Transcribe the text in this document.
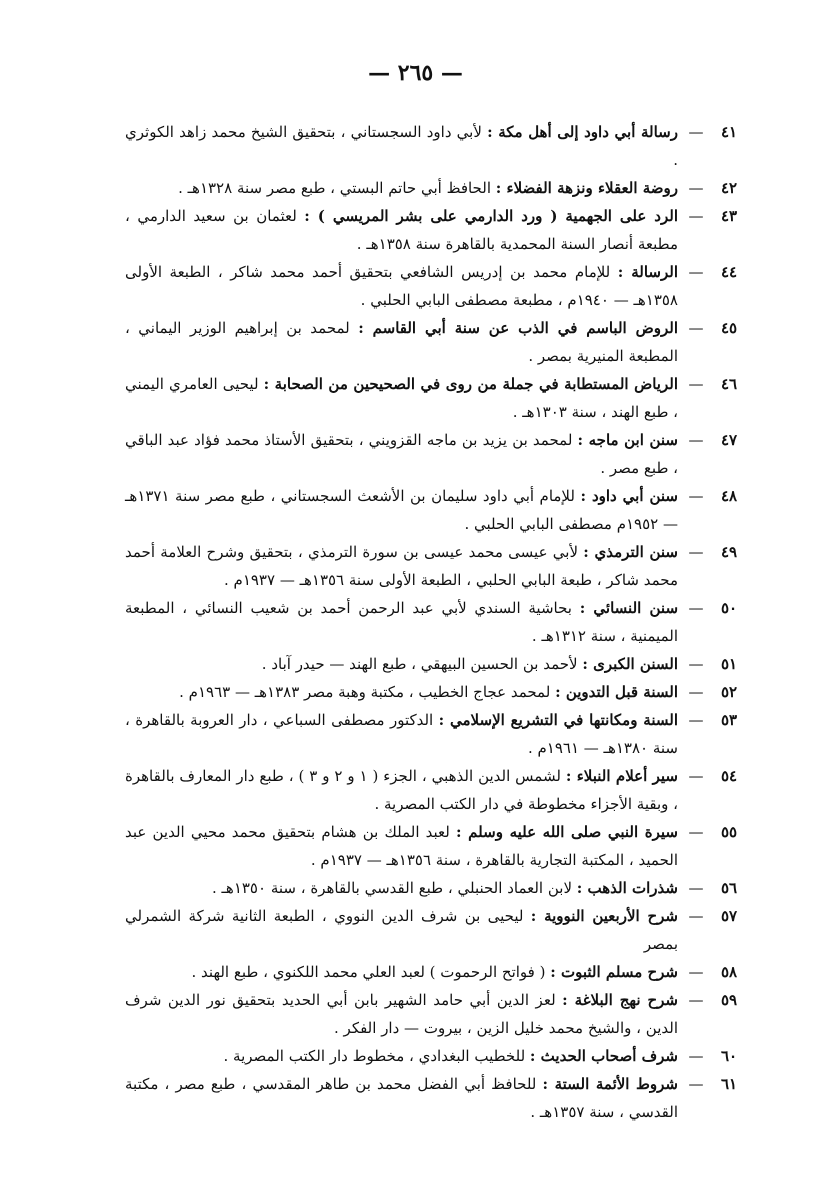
— ٢٦٥ —
٤١
—
رسالة أبي داود إلى أهل مكة : لأبي داود السجستاني ، بتحقيق الشيخ محمد زاهد الكوثري .
٤٢
—
روضة العقلاء ونزهة الفضلاء : الحافظ أبي حاتم البستي ، طبع مصر سنة ١٣٢٨هـ .
٤٣
—
الرد على الجهمية ( ورد الدارمي على بشر المريسي ) : لعثمان بن سعيد الدارمي ، مطبعة أنصار السنة المحمدية بالقاهرة سنة ١٣٥٨هـ .
٤٤
—
الرسالة : للإمام محمد بن إدريس الشافعي بتحقيق أحمد محمد شاكر ، الطبعة الأولى ١٣٥٨هـ — ١٩٤٠م ، مطبعة مصطفى البابي الحلبي .
٤٥
—
الروض الباسم في الذب عن سنة أبي القاسم : لمحمد بن إبراهيم الوزير اليماني ، المطبعة المنيرية بمصر .
٤٦
—
الرياض المستطابة في جملة من روى في الصحيحين من الصحابة : ليحيى العامري اليمني ، طبع الهند ، سنة ١٣٠٣هـ .
٤٧
—
سنن ابن ماجه : لمحمد بن يزيد بن ماجه القزويني ، بتحقيق الأستاذ محمد فؤاد عبد الباقي ، طبع مصر .
٤٨
—
سنن أبي داود : للإمام أبي داود سليمان بن الأشعث السجستاني ، طبع مصر سنة ١٣٧١هـ — ١٩٥٢م مصطفى البابي الحلبي .
٤٩
—
سنن الترمذي : لأبي عيسى محمد عيسى بن سورة الترمذي ، بتحقيق وشرح العلامة أحمد محمد شاكر ، طبعة البابي الحلبي ، الطبعة الأولى سنة ١٣٥٦هـ — ١٩٣٧م .
٥٠
—
سنن النسائي : بحاشية السندي لأبي عبد الرحمن أحمد بن شعيب النسائي ، المطبعة الميمنية ، سنة ١٣١٢هـ .
٥١
—
السنن الكبرى : لأحمد بن الحسين البيهقي ، طبع الهند — حيدر آباد .
٥٢
—
السنة قبل التدوين : لمحمد عجاج الخطيب ، مكتبة وهبة مصر ١٣٨٣هـ — ١٩٦٣م .
٥٣
—
السنة ومكانتها في التشريع الإسلامي : الدكتور مصطفى السباعي ، دار العروبة بالقاهرة ، سنة ١٣٨٠هـ — ١٩٦١م .
٥٤
—
سير أعلام النبلاء : لشمس الدين الذهبي ، الجزء ( ١ و ٢ و ٣ ) ، طبع دار المعارف بالقاهرة ، وبقية الأجزاء مخطوطة في دار الكتب المصرية .
٥٥
—
سيرة النبي صلى الله عليه وسلم : لعبد الملك بن هشام بتحقيق محمد محيي الدين عبد الحميد ، المكتبة التجارية بالقاهرة ، سنة ١٣٥٦هـ — ١٩٣٧م .
٥٦
—
شذرات الذهب : لابن العماد الحنبلي ، طبع القدسي بالقاهرة ، سنة ١٣٥٠هـ .
٥٧
—
شرح الأربعين النووية : ليحيى بن شرف الدين النووي ، الطبعة الثانية شركة الشمرلي بمصر
٥٨
—
شرح مسلم الثبوت : ( فواتح الرحموت ) لعبد العلي محمد اللكنوي ، طبع الهند .
٥٩
—
شرح نهج البلاغة : لعز الدين أبي حامد الشهير بابن أبي الحديد بتحقيق نور الدين شرف الدين ، والشيخ محمد خليل الزين ، بيروت — دار الفكر .
٦٠
—
شرف أصحاب الحديث : للخطيب البغدادي ، مخطوط دار الكتب المصرية .
٦١
—
شروط الأئمة الستة : للحافظ أبي الفضل محمد بن طاهر المقدسي ، طبع مصر ، مكتبة القدسي ، سنة ١٣٥٧هـ .
